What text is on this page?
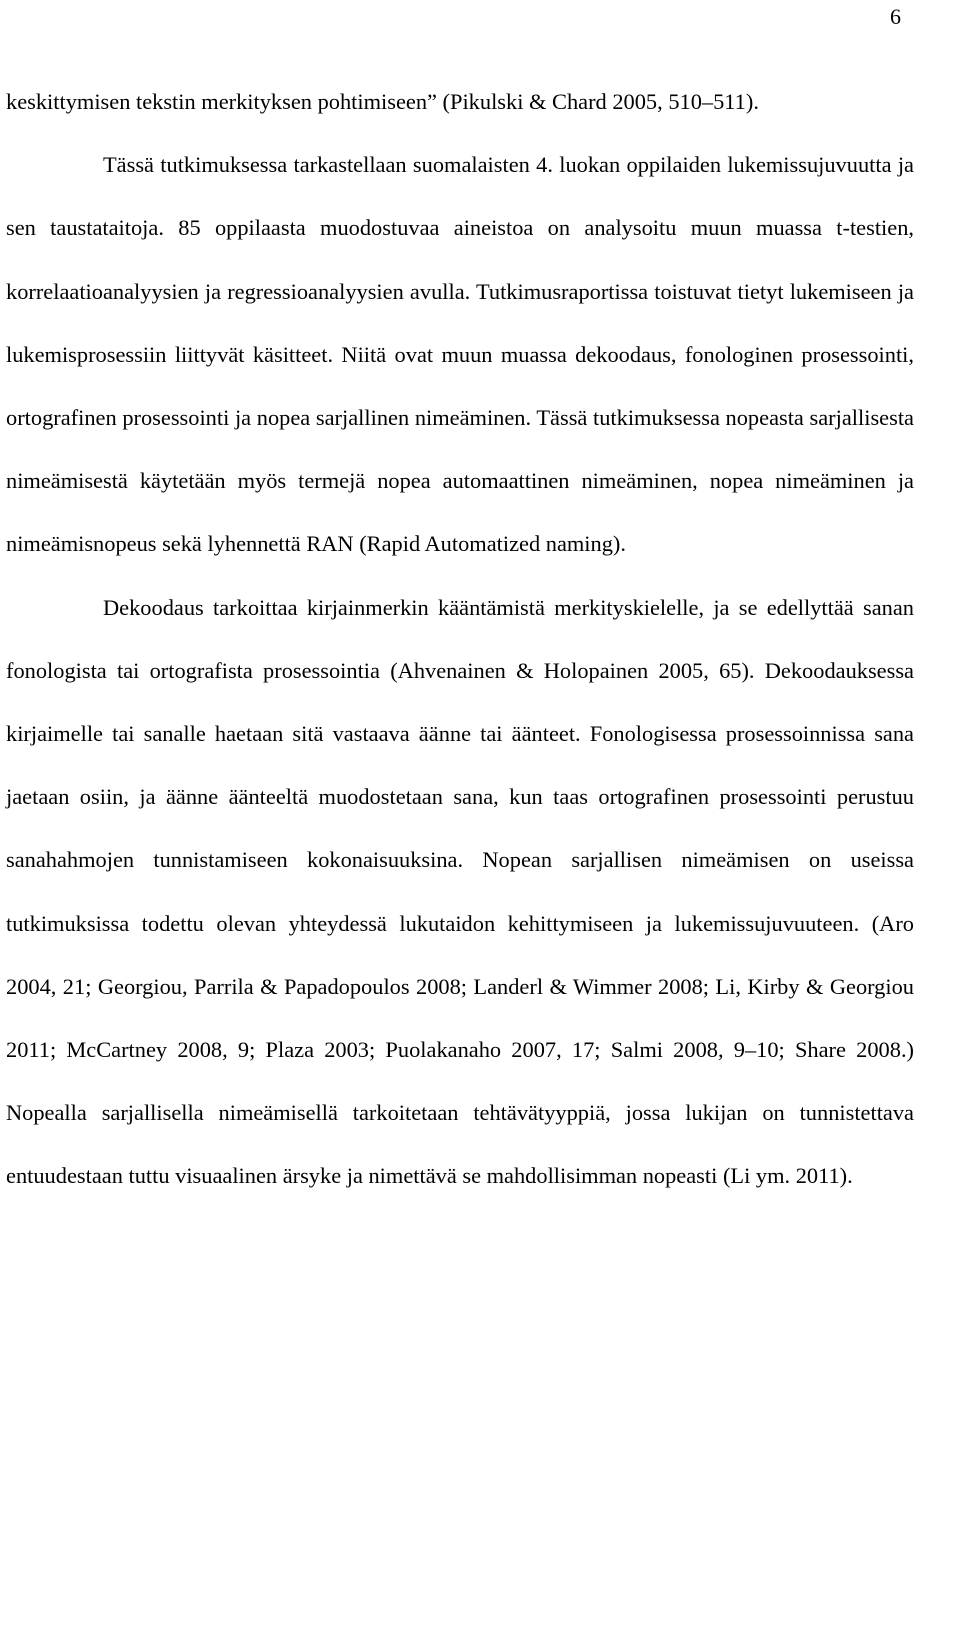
6

keskittymisen tekstin merkityksen pohtimiseen” (Pikulski & Chard 2005, 510–511).

Tässä tutkimuksessa tarkastellaan suomalaisten 4. luokan oppilaiden lukemissujuvuutta ja sen taustataitoja. 85 oppilaasta muodostuvaa aineistoa on analysoitu muun muassa t-testien, korrelaatioanalyysien ja regressioanalyysien avulla. Tutkimusraportissa toistuvat tietyt lukemiseen ja lukemisprosessiin liittyvät käsitteet. Niitä ovat muun muassa dekoodaus, fonologinen prosessointi, ortografinen prosessointi ja nopea sarjallinen nimeäminen. Tässä tutkimuksessa nopeasta sarjallisesta nimeämisestä käytetään myös termejä nopea automaattinen nimeäminen, nopea nimeäminen ja nimeämisnopeus sekä lyhennettä RAN (Rapid Automatized naming).

Dekoodaus tarkoittaa kirjainmerkin kääntämistä merkityskielelle, ja se edellyttää sanan fonologista tai ortografista prosessointia (Ahvenainen & Holopainen 2005, 65). Dekoodauksessa kirjaimelle tai sanalle haetaan sitä vastaava äänne tai äänteet. Fonologisessa prosessoinnissa sana jaetaan osiin, ja äänne äänteeltä muodostetaan sana, kun taas ortografinen prosessointi perustuu sanahahmojen tunnistamiseen kokonaisuuksina. Nopean sarjallisen nimeämisen on useissa tutkimuksissa todettu olevan yhteydessä lukutaidon kehittymiseen ja lukemissujuvuuteen. (Aro 2004, 21; Georgiou, Parrila & Papadopoulos 2008; Landerl & Wimmer 2008; Li, Kirby & Georgiou 2011; McCartney 2008, 9; Plaza 2003; Puolakanaho 2007, 17; Salmi 2008, 9–10; Share 2008.) Nopealla sarjallisella nimeämisellä tarkoitetaan tehtävätyyppiä, jossa lukijan on tunnistettava entuudestaan tuttu visuaalinen ärsyke ja nimettävä se mahdollisimman nopeasti (Li ym. 2011).
